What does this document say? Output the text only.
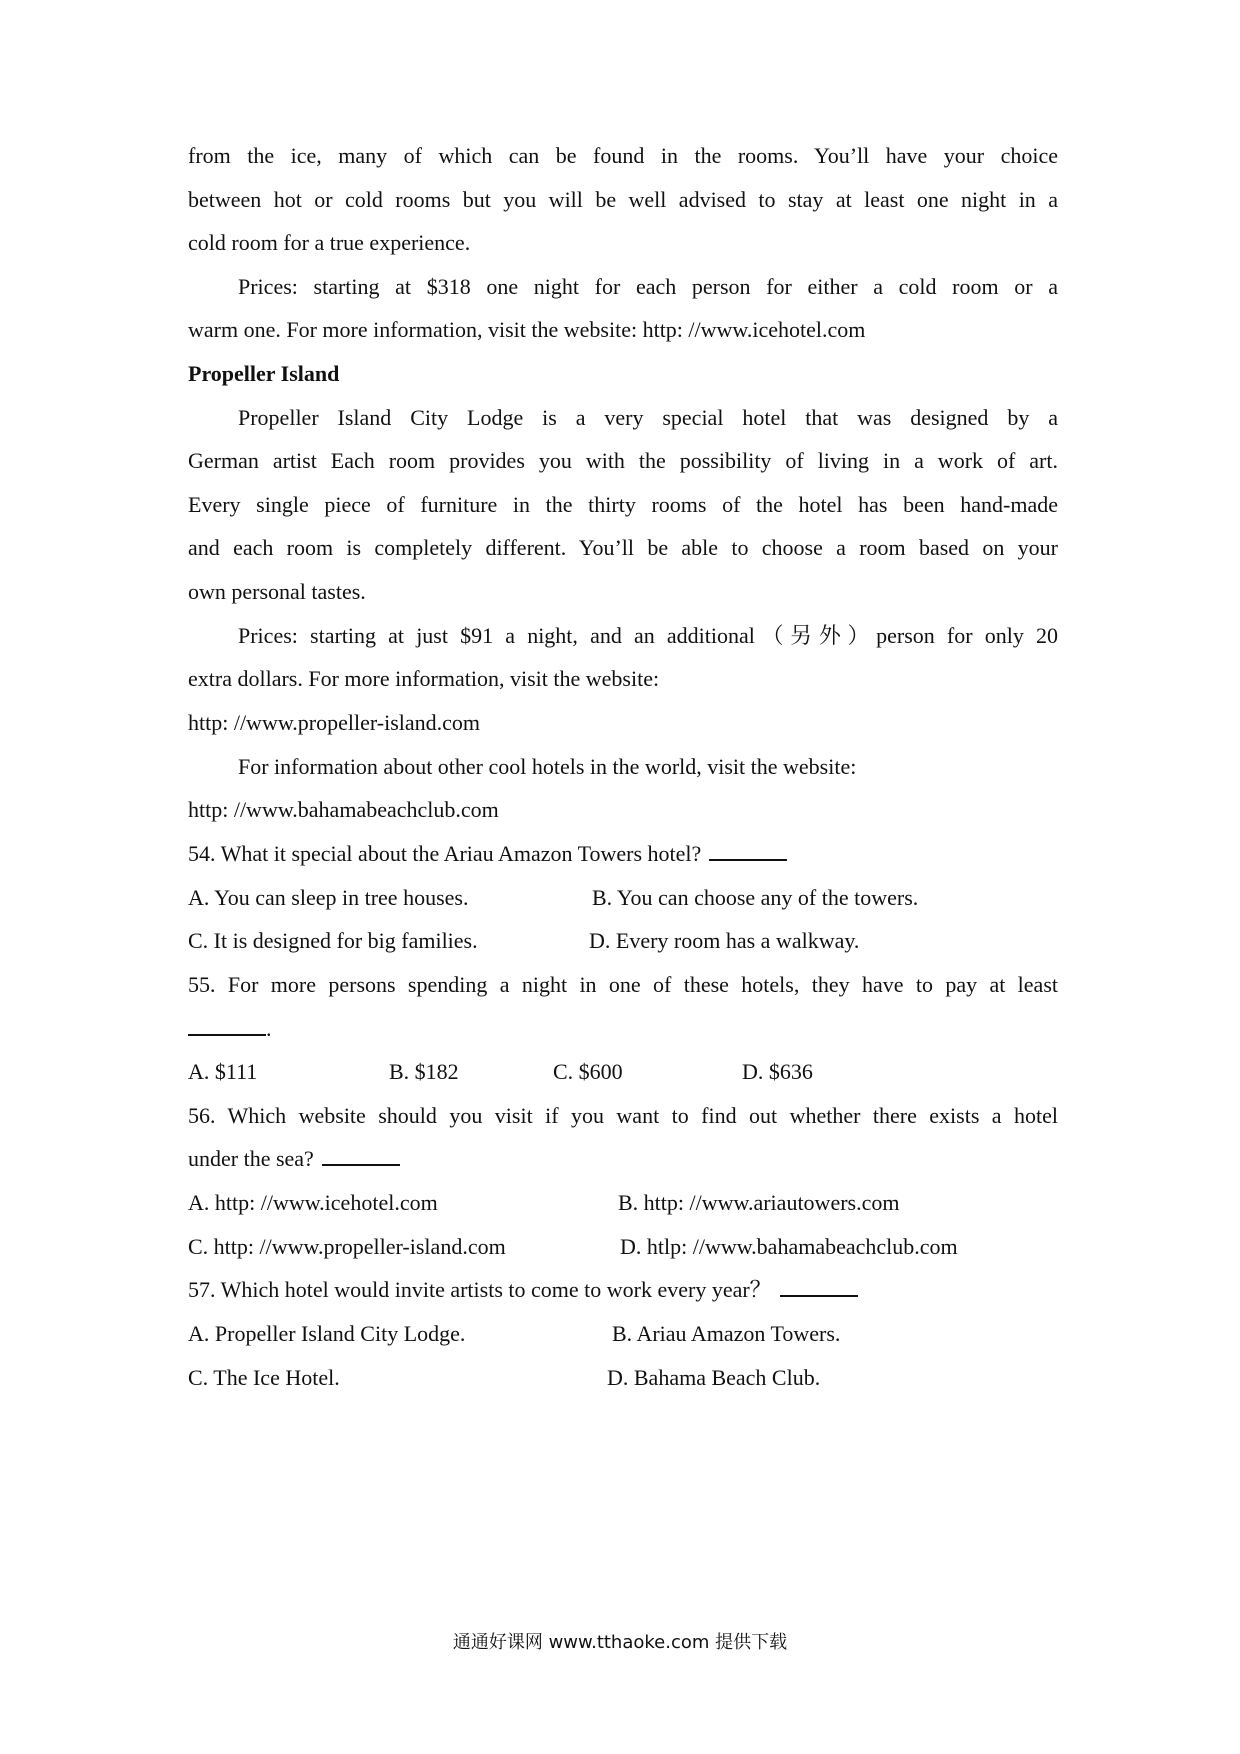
from the ice, many of which can be found in the rooms. You’ll have your choice
between hot or cold rooms but you will be well advised to stay at least one night in a
cold room for a true experience.
Prices: starting at $318 one night for each person for either a cold room or a
warm one. For more information, visit the website: http: //www.icehotel.com
Propeller Island
Propeller Island City Lodge is a very special hotel that was designed by a
German artist Each room provides you with the possibility of living in a work of art.
Every single piece of furniture in the thirty rooms of the hotel has been hand-made
and each room is completely different. You’ll be able to choose a room based on your
own personal tastes.
Prices: starting at just $91 a night, and an additional（另外）person for only 20
extra dollars. For more information, visit the website:
http: //www.propeller-island.com
For information about other cool hotels in the world, visit the website:
http: //www.bahamabeachclub.com
54. What it special about the Ariau Amazon Towers hotel?
A. You can sleep in tree houses.	B. You can choose any of the towers.
C. It is designed for big families.	D. Every room has a walkway.
55. For more persons spending a night in one of these hotels, they have to pay at least
.
A. $111	B. $182	C. $600	D. $636
56. Which website should you visit if you want to find out whether there exists a hotel
under the sea?
A. http: //www.icehotel.com	B. http: //www.ariautowers.com
C. http: //www.propeller-island.com	D. htlp: //www.bahamabeachclub.com
57. Which hotel would invite artists to come to work every year？
A. Propeller Island City Lodge.	B. Ariau Amazon Towers.
C. The Ice Hotel.	D. Bahama Beach Club.
通通好课网 www.tthaoke.com 提供下载
